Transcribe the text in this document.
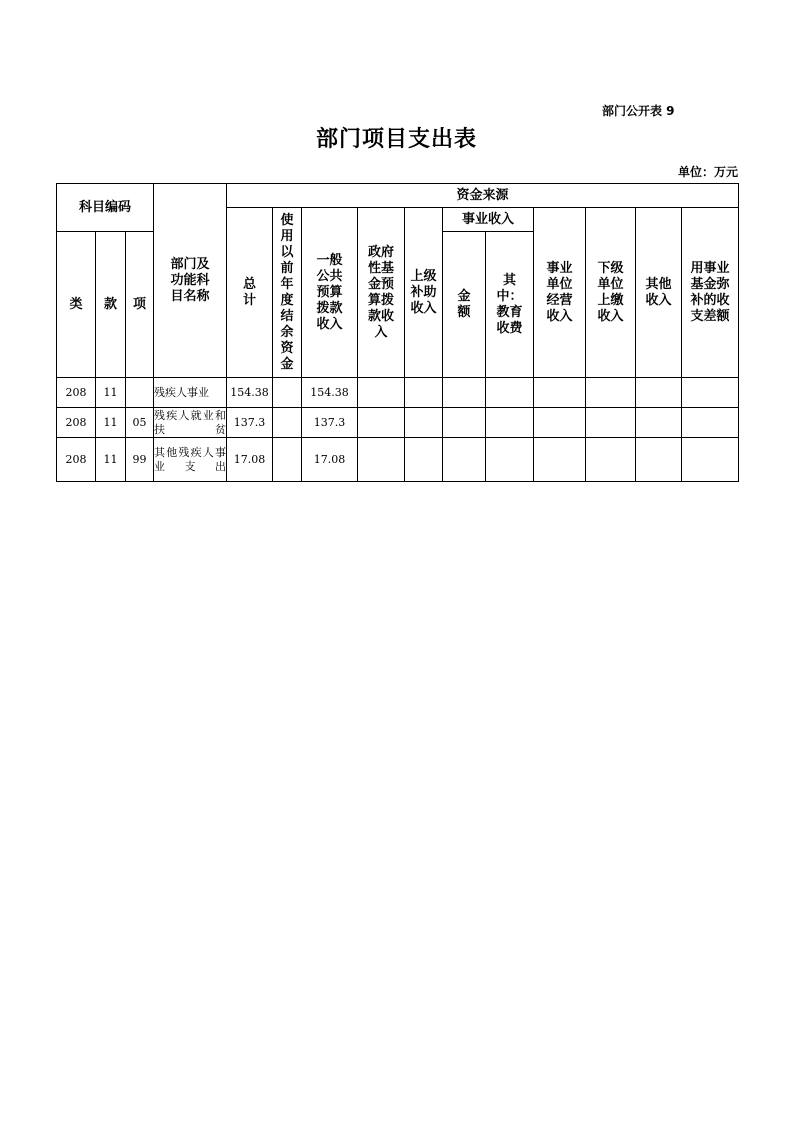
部门公开表 9
部门项目支出表
单位：万元
科目编码			部门及功能科目名称	资金来源										
				总计	使用以前年度结余资金	一般公共预算拨款收入	政府性基金预算拨款收入	上级补助收入	事业收入		事业单位经营收入	下级单位上缴收入	其他收入	用事业基金弥补的收支差额
类	款	项							金额	其中：教育收费				
208	11		残疾人事业	154.38		154.38								
208	11	05	残疾人就业和扶贫	137.3		137.3								
208	11	99	其他残疾人事业支出	17.08		17.08								
